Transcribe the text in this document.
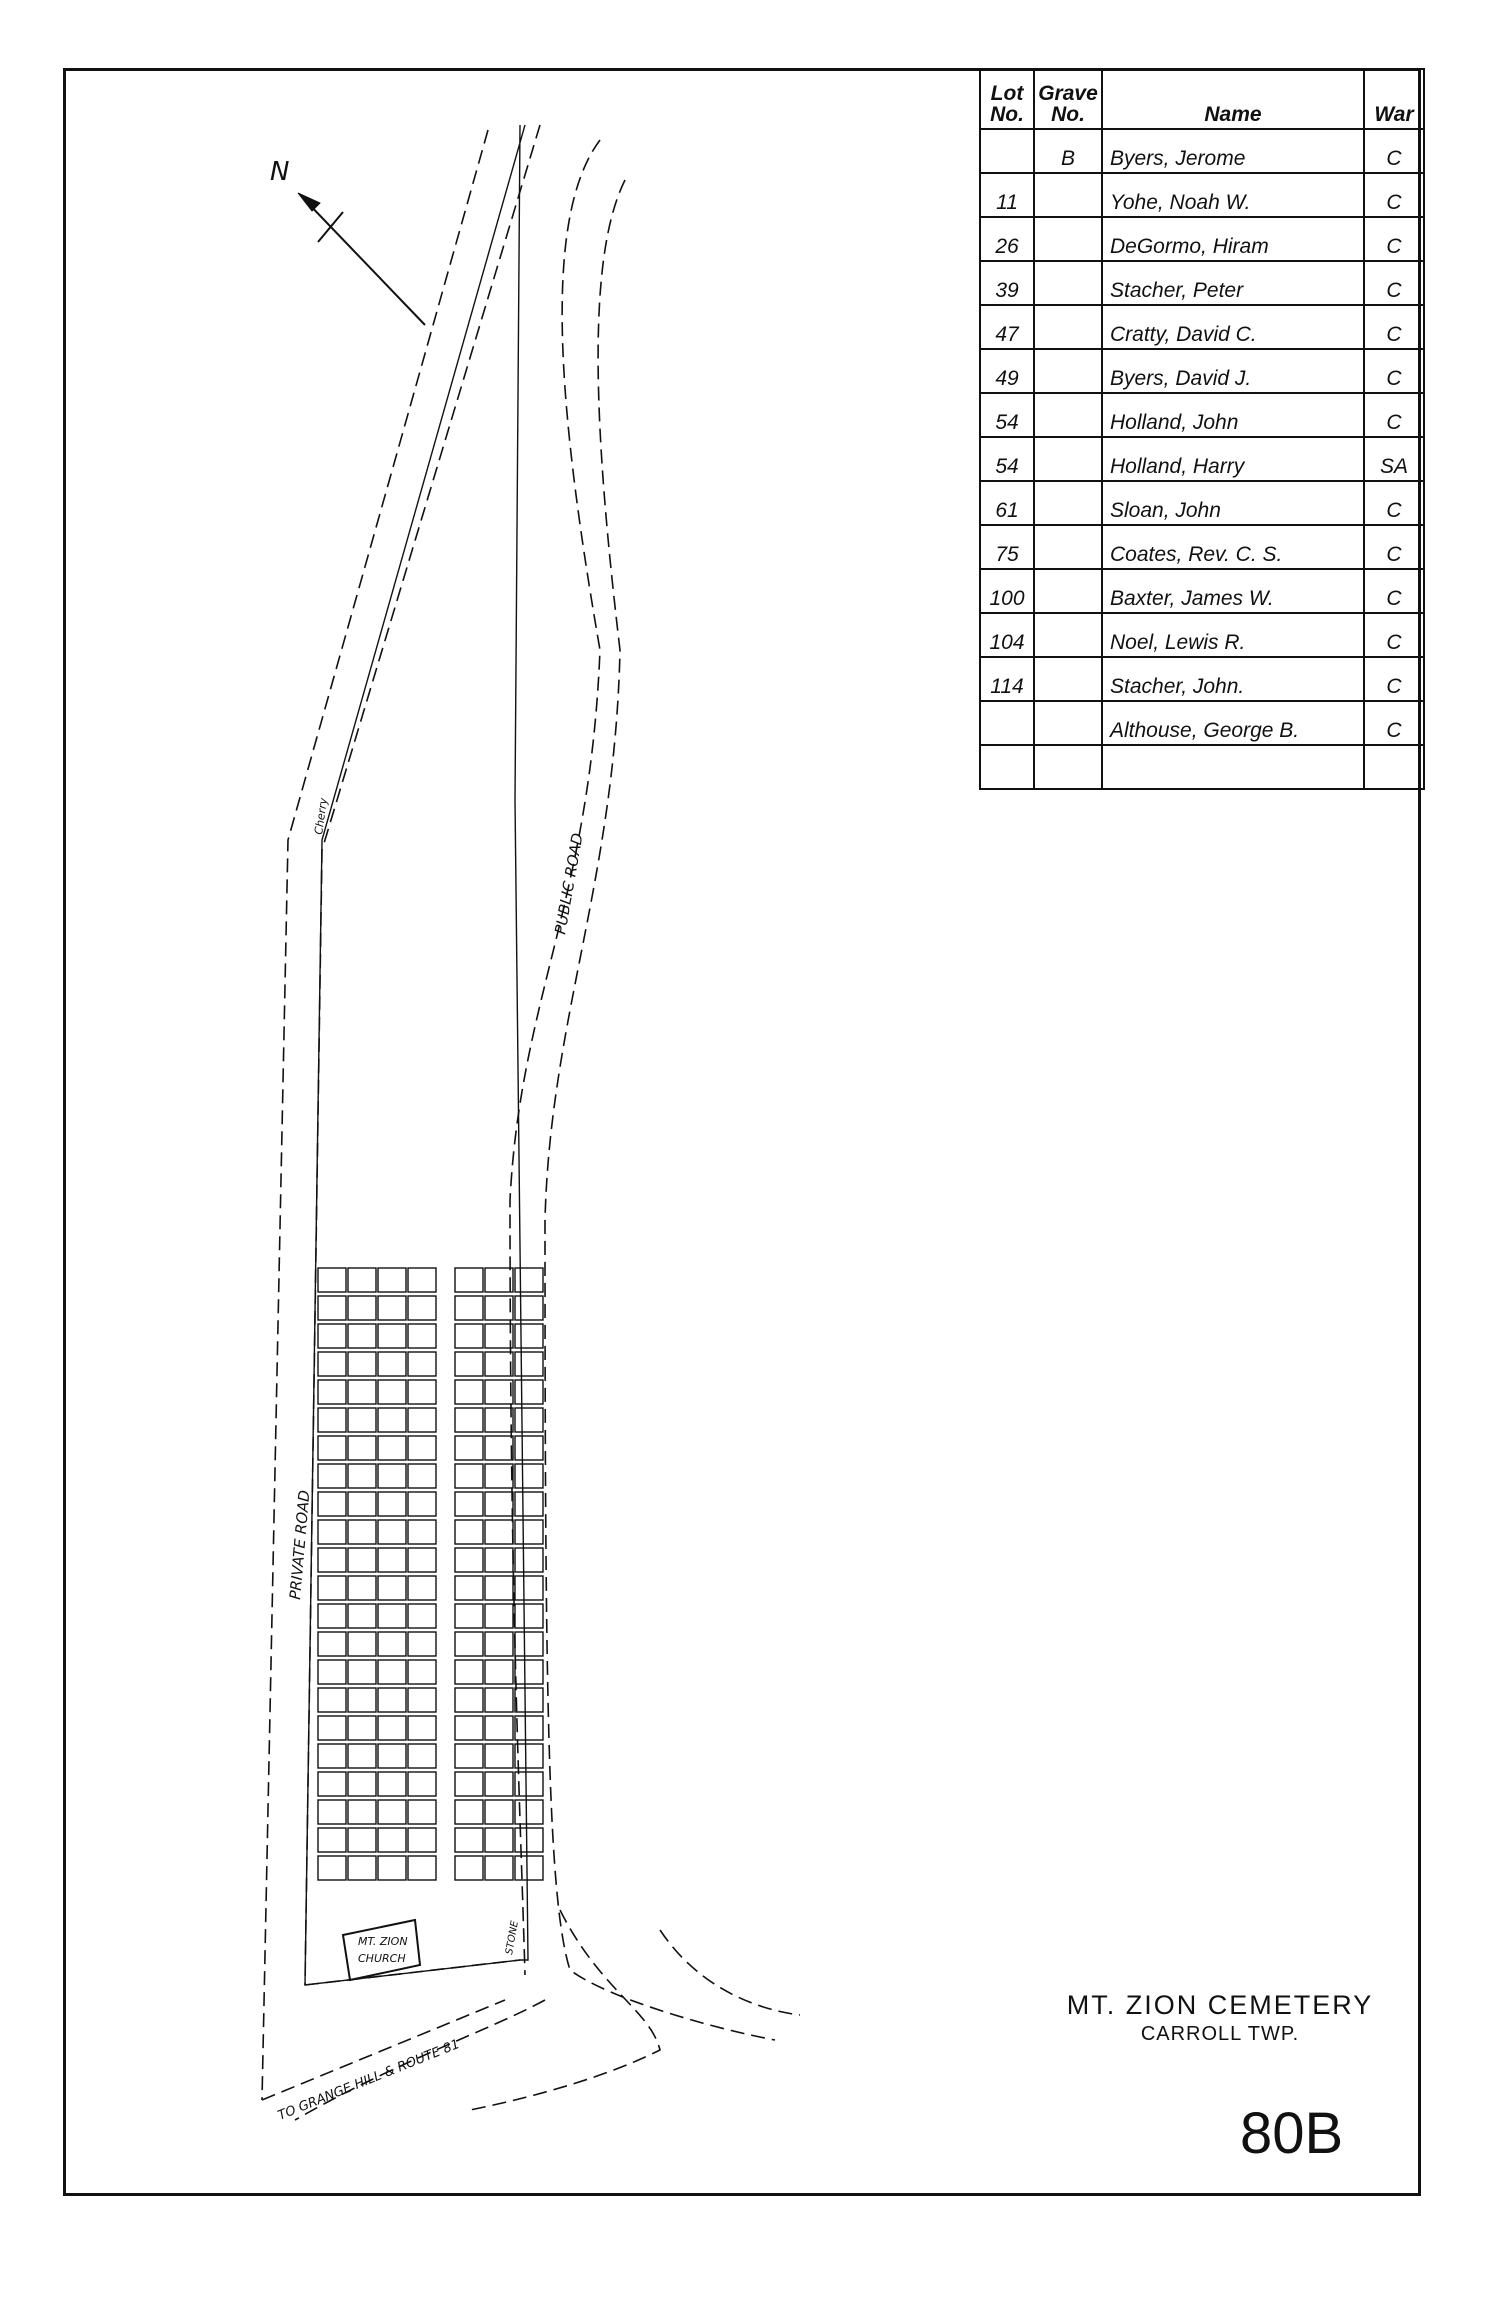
N
PUBLIC ROAD
PRIVATE ROAD
TO GRANGE HILL & ROUTE 81
Cherry
STONE
MT. ZION
CHURCH
Lot No.	Grave No.	Name	War
	B	Byers, Jerome	C
11		Yohe, Noah W.	C
26		DeGormo, Hiram	C
39		Stacher, Peter	C
47		Cratty, David C.	C
49		Byers, David J.	C
54		Holland, John	C
54		Holland, Harry	SA
61		Sloan, John	C
75		Coates, Rev. C. S.	C
100		Baxter, James W.	C
104		Noel, Lewis R.	C
114		Stacher, John.	C
		Althouse, George B.	C

MT. ZION CEMETERY
CARROLL TWP.
80B
